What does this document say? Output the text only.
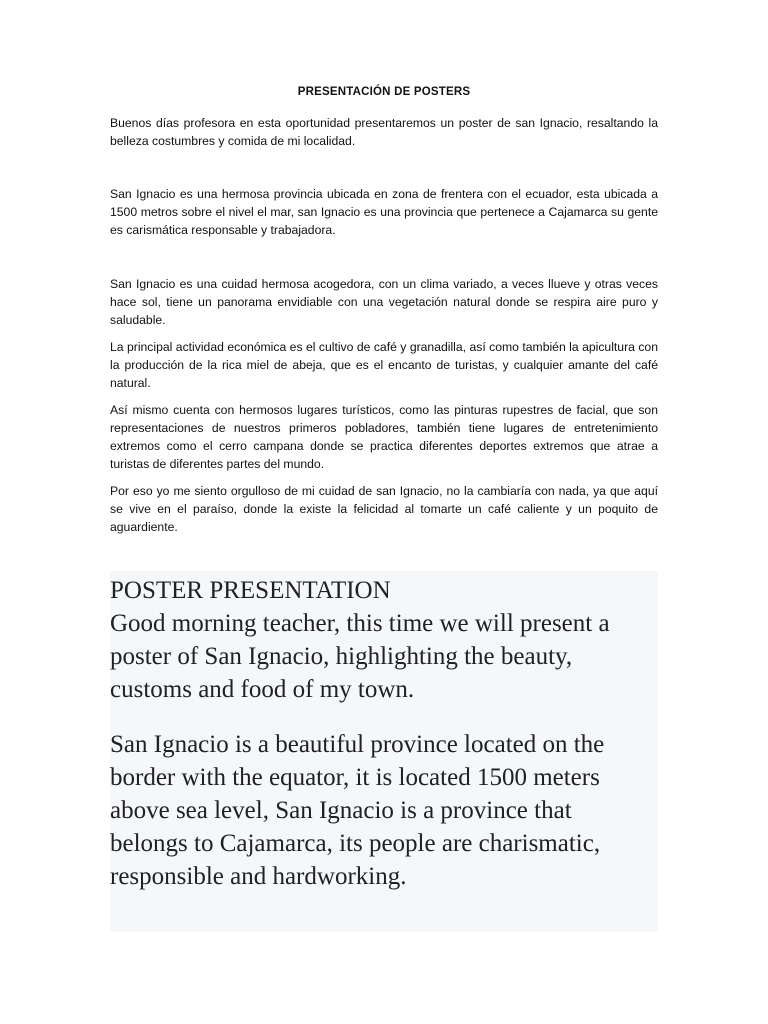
PRESENTACIÓN DE POSTERS

Buenos días profesora en esta oportunidad presentaremos un poster de san Ignacio, resaltando la belleza costumbres y comida de mi localidad.

San Ignacio es una hermosa provincia ubicada en zona de frentera con el ecuador, esta ubicada a 1500 metros sobre el nivel el mar, san Ignacio es una provincia que pertenece a Cajamarca su gente es carismática responsable y trabajadora.

San Ignacio es una cuidad hermosa acogedora, con un clima variado, a veces llueve y otras veces hace sol, tiene un panorama envidiable con una vegetación natural donde se respira aire puro y saludable.

La principal actividad económica es el cultivo de café y granadilla, así como también la apicultura con la producción de la rica miel de abeja, que es el encanto de turistas, y cualquier amante del café natural.

Así mismo cuenta con hermosos lugares turísticos, como las pinturas rupestres de facial, que son representaciones de nuestros primeros pobladores, también tiene lugares de entretenimiento extremos como el cerro campana donde se practica diferentes deportes extremos que atrae a turistas de diferentes partes del mundo.

Por eso yo me siento orgulloso de mi cuidad de san Ignacio, no la cambiaría con nada, ya que aquí se vive en el paraíso, donde la existe la felicidad al tomarte un café caliente y un poquito de aguardiente.

POSTER PRESENTATION
Good morning teacher, this time we will present a
poster of San Ignacio, highlighting the beauty,
customs and food of my town.
San Ignacio is a beautiful province located on the
border with the equator, it is located 1500 meters
above sea level, San Ignacio is a province that
belongs to Cajamarca, its people are charismatic,
responsible and hardworking.
